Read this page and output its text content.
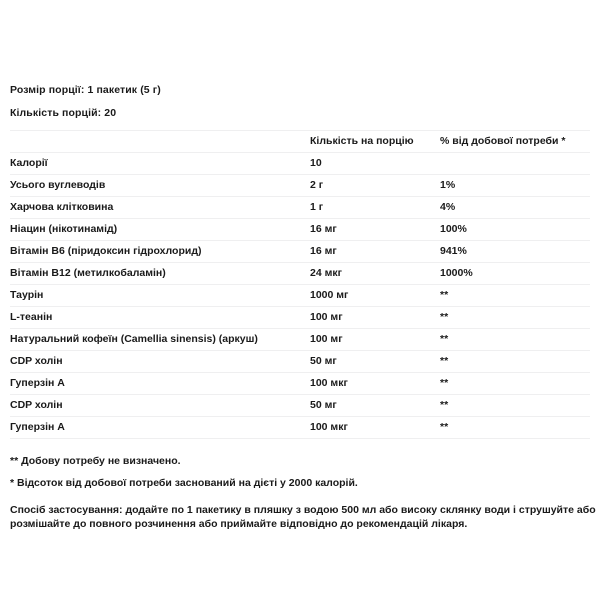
Розмір порції: 1 пакетик (5 г)

Кількість порцій: 20

	Кількість на порцію	% від добової потреби *
Калорії	10	
Усього вуглеводів	2 г	1%
Харчова клітковина	1 г	4%
Ніацин (нікотинамід)	16 мг	100%
Вітамін B6 (піридоксин гідрохлорид)	16 мг	941%
Вітамін B12 (метилкобаламін)	24 мкг	1000%
Таурін	1000 мг	**
L-теанін	100 мг	**
Натуральний кофеїн (Camellia sinensis) (аркуш)	100 мг	**
CDP холін	50 мг	**
Гуперзін А	100 мкг	**
CDP холін	50 мг	**
Гуперзін А	100 мкг	**

** Добову потребу не визначено.

* Відсоток від добової потреби заснований на дієті у 2000 калорій.

Спосіб застосування: додайте по 1 пакетику в пляшку з водою 500 мл або високу склянку води і струшуйте або розмішайте до повного розчинення або приймайте відповідно до рекомендацій лікаря.
